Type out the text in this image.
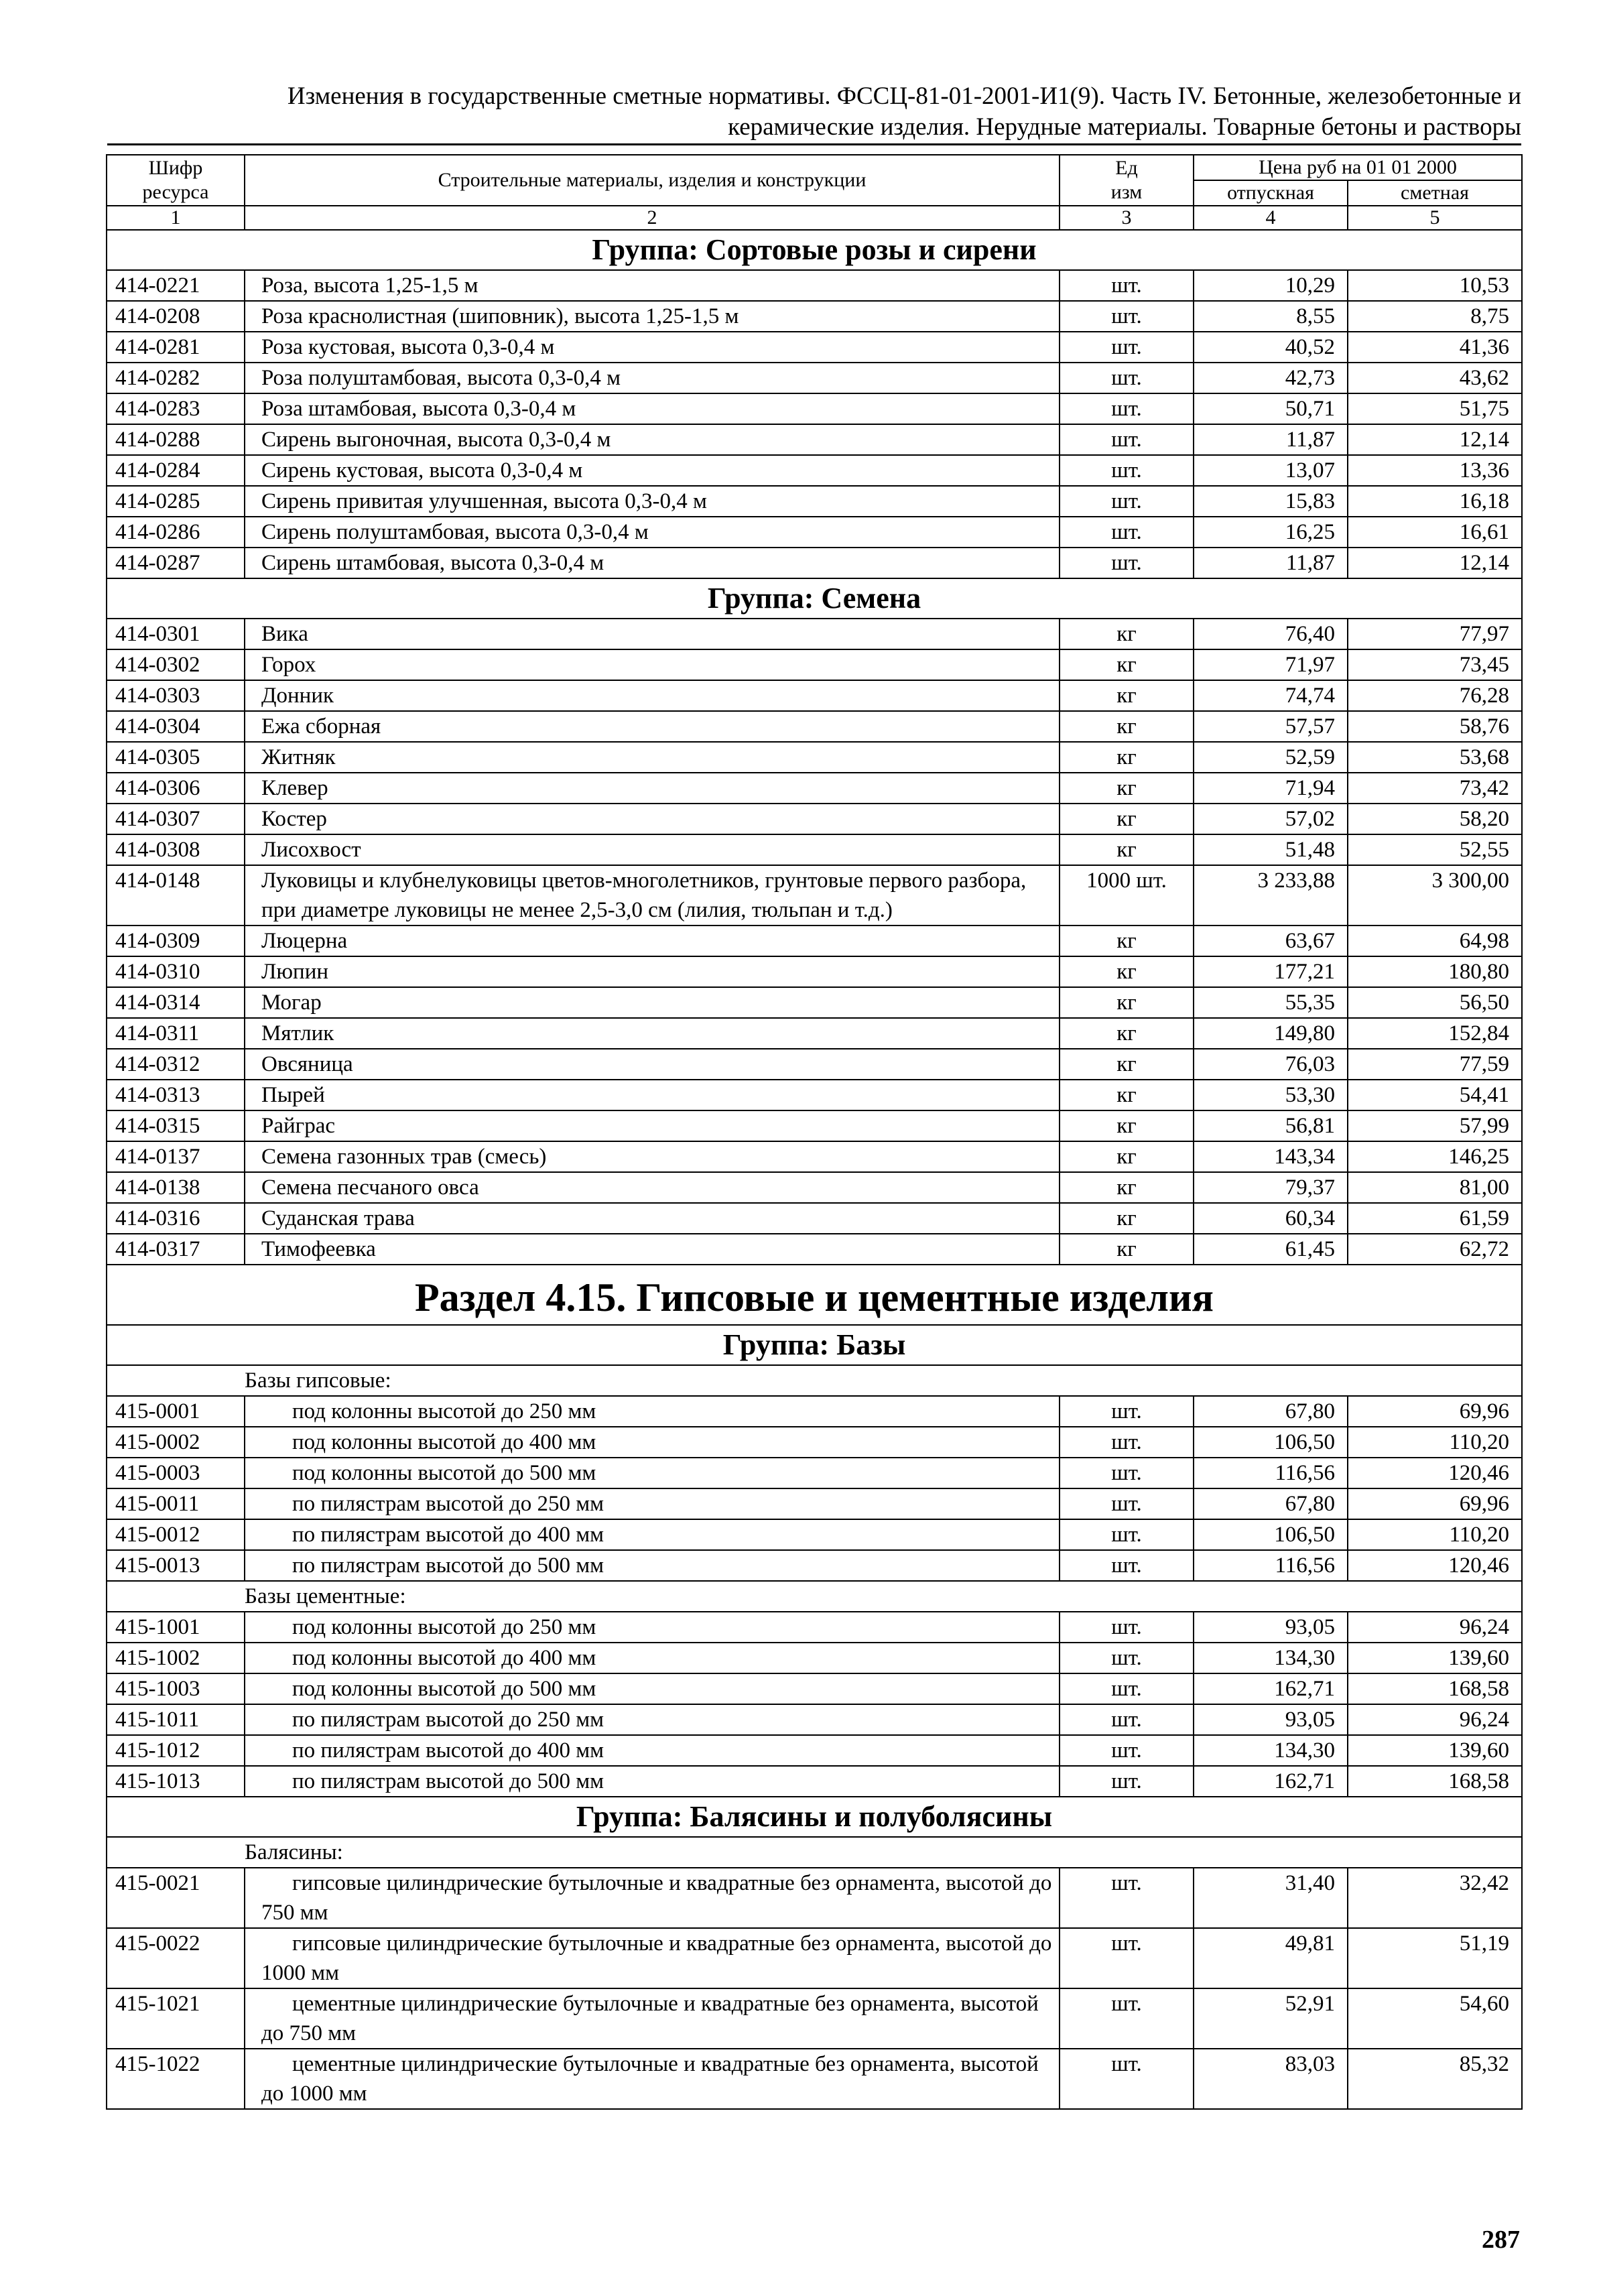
Изменения в государственные сметные нормативы. ФССЦ-81-01-2001-И1(9). Часть IV. Бетонные, железобетонные и
керамические изделия. Нерудные материалы. Товарные бетоны и растворы
Шифр ресурса	Строительные материалы, изделия и конструкции	Ед изм	Цена руб на 01 01 2000	
			отпускная	сметная
1	2	3	4	5
Группа: Сортовые розы и сирени				
414-0221	Роза, высота 1,25-1,5 м	шт.	10,29	10,53
414-0208	Роза краснолистная (шиповник), высота 1,25-1,5 м	шт.	8,55	8,75
414-0281	Роза кустовая, высота 0,3-0,4 м	шт.	40,52	41,36
414-0282	Роза полуштамбовая, высота 0,3-0,4 м	шт.	42,73	43,62
414-0283	Роза штамбовая, высота 0,3-0,4 м	шт.	50,71	51,75
414-0288	Сирень выгоночная, высота 0,3-0,4 м	шт.	11,87	12,14
414-0284	Сирень кустовая, высота 0,3-0,4 м	шт.	13,07	13,36
414-0285	Сирень привитая улучшенная, высота 0,3-0,4 м	шт.	15,83	16,18
414-0286	Сирень полуштамбовая, высота 0,3-0,4 м	шт.	16,25	16,61
414-0287	Сирень штамбовая, высота 0,3-0,4 м	шт.	11,87	12,14
Группа: Семена				
414-0301	Вика	кг	76,40	77,97
414-0302	Горох	кг	71,97	73,45
414-0303	Донник	кг	74,74	76,28
414-0304	Ежа сборная	кг	57,57	58,76
414-0305	Житняк	кг	52,59	53,68
414-0306	Клевер	кг	71,94	73,42
414-0307	Костер	кг	57,02	58,20
414-0308	Лисохвост	кг	51,48	52,55
414-0148	Луковицы и клубнелуковицы цветов-многолетников, грунтовые первого разбора, при диаметре луковицы не менее 2,5-3,0 см (лилия, тюльпан и т.д.)	1000 шт.	3 233,88	3 300,00
414-0309	Люцерна	кг	63,67	64,98
414-0310	Люпин	кг	177,21	180,80
414-0314	Могар	кг	55,35	56,50
414-0311	Мятлик	кг	149,80	152,84
414-0312	Овсяница	кг	76,03	77,59
414-0313	Пырей	кг	53,30	54,41
414-0315	Райграс	кг	56,81	57,99
414-0137	Семена газонных трав (смесь)	кг	143,34	146,25
414-0138	Семена песчаного овса	кг	79,37	81,00
414-0316	Суданская трава	кг	60,34	61,59
414-0317	Тимофеевка	кг	61,45	62,72
Раздел 4.15. Гипсовые и цементные изделия				
Группа: Базы				
	Базы гипсовые:			
415-0001	под колонны высотой до 250 мм	шт.	67,80	69,96
415-0002	под колонны высотой до 400 мм	шт.	106,50	110,20
415-0003	под колонны высотой до 500 мм	шт.	116,56	120,46
415-0011	по пилястрам высотой до 250 мм	шт.	67,80	69,96
415-0012	по пилястрам высотой до 400 мм	шт.	106,50	110,20
415-0013	по пилястрам высотой до 500 мм	шт.	116,56	120,46
	Базы цементные:			
415-1001	под колонны высотой до 250 мм	шт.	93,05	96,24
415-1002	под колонны высотой до 400 мм	шт.	134,30	139,60
415-1003	под колонны высотой до 500 мм	шт.	162,71	168,58
415-1011	по пилястрам высотой до 250 мм	шт.	93,05	96,24
415-1012	по пилястрам высотой до 400 мм	шт.	134,30	139,60
415-1013	по пилястрам высотой до 500 мм	шт.	162,71	168,58
Группа: Балясины и полуболясины				
	Балясины:			
415-0021	гипсовые цилиндрические бутылочные и квадратные без орнамента, высотой до 750 мм	шт.	31,40	32,42
415-0022	гипсовые цилиндрические бутылочные и квадратные без орнамента, высотой до 1000 мм	шт.	49,81	51,19
415-1021	цементные цилиндрические бутылочные и квадратные без орнамента, высотой до 750 мм	шт.	52,91	54,60
415-1022	цементные цилиндрические бутылочные и квадратные без орнамента, высотой до 1000 мм	шт.	83,03	85,32
287
